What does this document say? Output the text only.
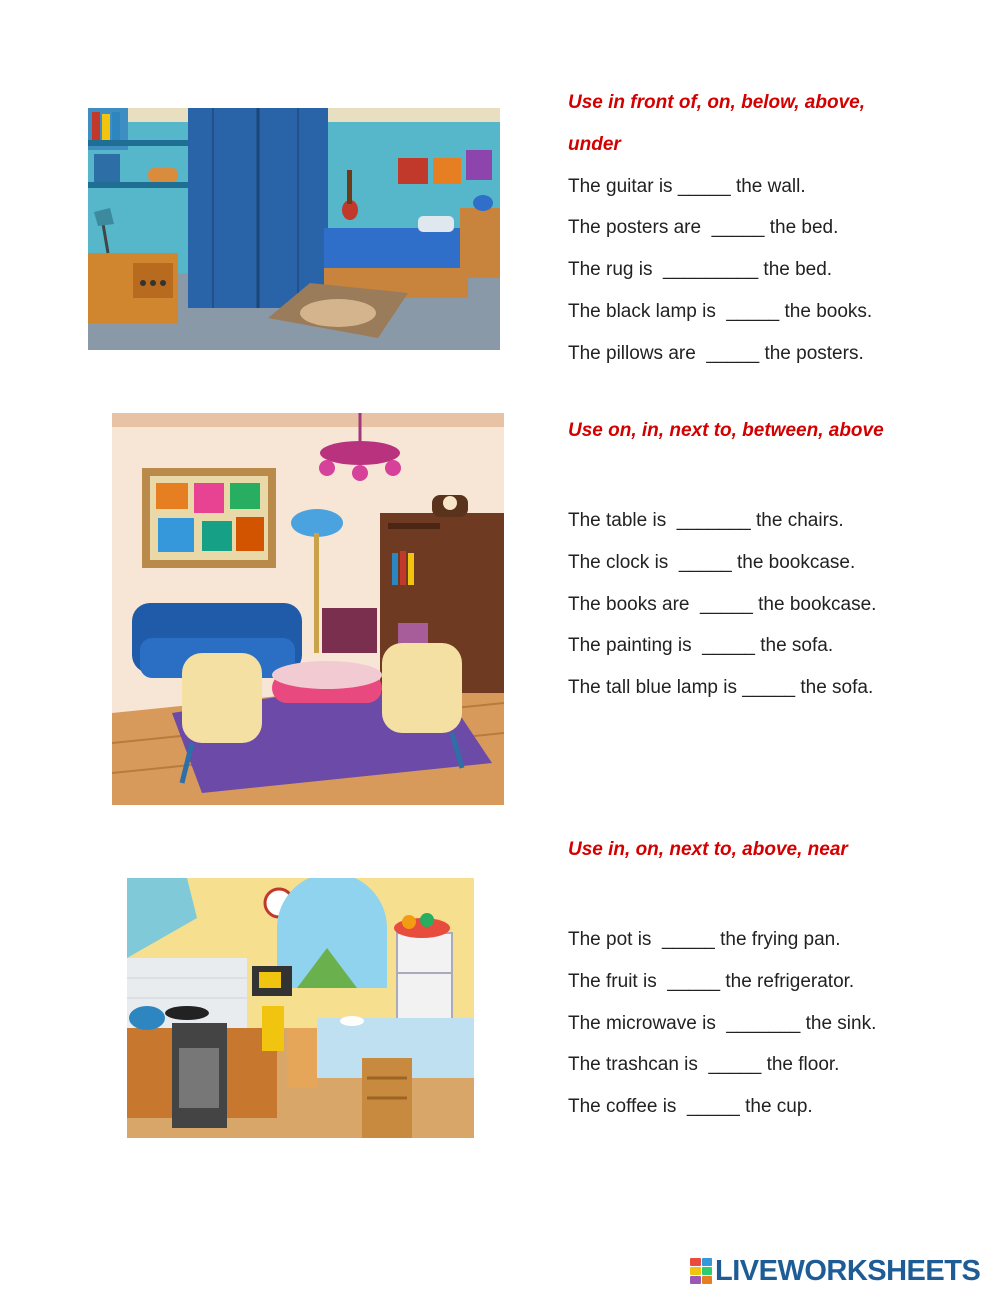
Use in front of, on, below, above,

under

The guitar is _____ the wall.

The posters are  _____ the bed.

The rug is  _________ the bed.

The black lamp is  _____ the books.

The pillows are  _____ the posters.

Use on, in, next to, between, above

The table is  _______ the chairs.

The clock is  _____ the bookcase.

The books are  _____ the bookcase.

The painting is  _____ the sofa.

The tall blue lamp is _____ the sofa.

Use in, on, next to, above, near

The pot is  _____ the frying pan.

The fruit is  _____ the refrigerator.

The microwave is  _______ the sink.

The trashcan is  _____ the floor.

The coffee is  _____ the cup.

LIVEWORKSHEETS
